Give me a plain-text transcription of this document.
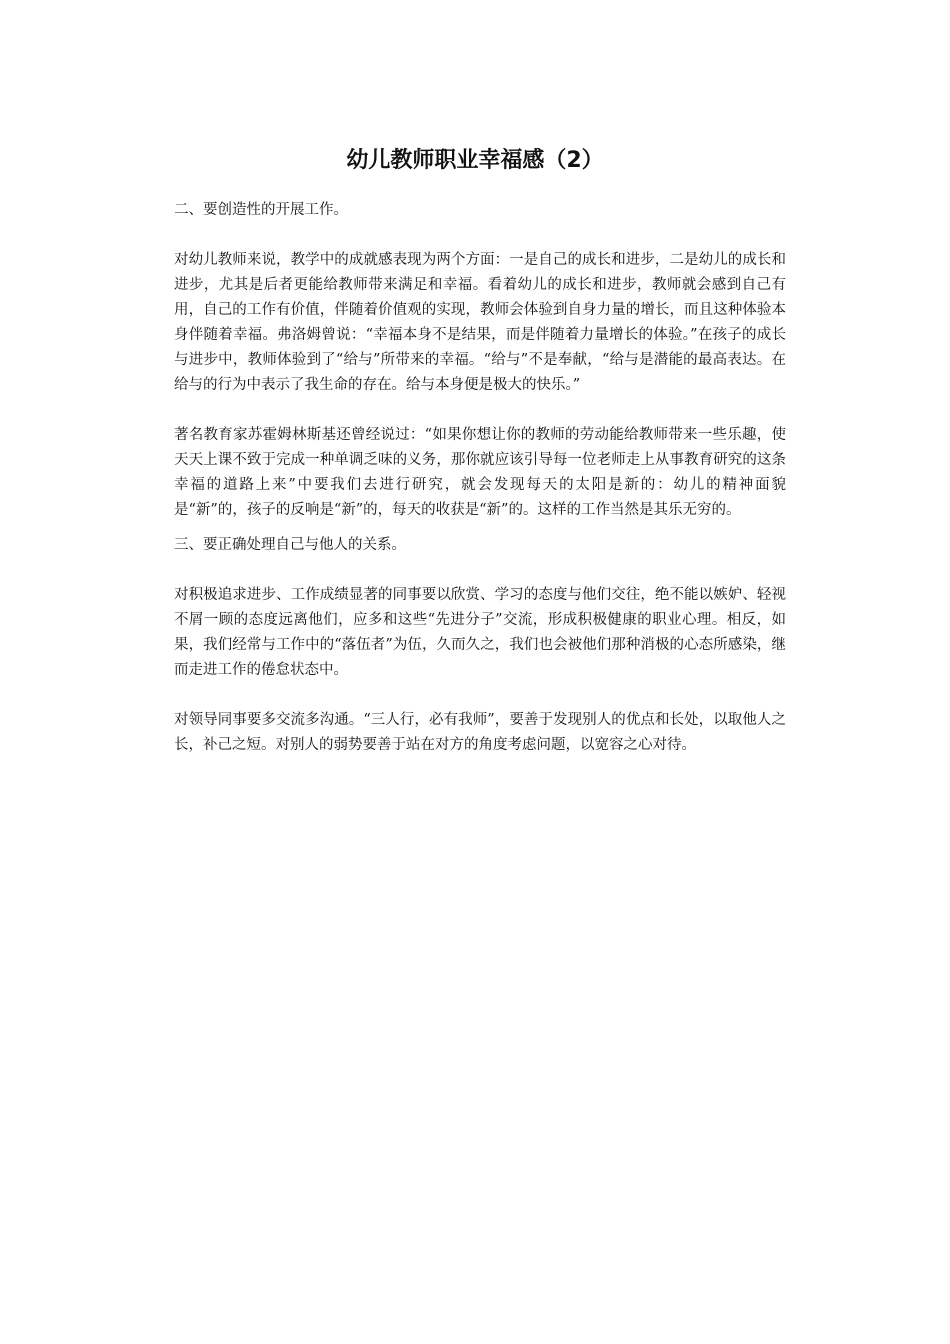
幼儿教师职业幸福感（2）

二、要创造性的开展工作。

对幼儿教师来说，教学中的成就感表现为两个方面：一是自己的成长和进步，二是幼儿的成长和进步，尤其是后者更能给教师带来满足和幸福。看着幼儿的成长和进步，教师就会感到自己有用，自己的工作有价值，伴随着价值观的实现，教师会体验到自身力量的增长，而且这种体验本身伴随着幸福。弗洛姆曾说：“幸福本身不是结果，而是伴随着力量增长的体验。”在孩子的成长与进步中，教师体验到了“给与”所带来的幸福。“给与”不是奉献，“给与是潜能的最高表达。在给与的行为中表示了我生命的存在。给与本身便是极大的快乐。”

著名教育家苏霍姆林斯基还曾经说过：“如果你想让你的教师的劳动能给教师带来一些乐趣，使天天上课不致于完成一种单调乏味的义务，那你就应该引导每一位老师走上从事教育研究的这条幸福的道路上来”中要我们去进行研究，就会发现每天的太阳是新的：幼儿的精神面貌是“新”的，孩子的反响是“新”的，每天的收获是“新”的。这样的工作当然是其乐无穷的。

三、要正确处理自己与他人的关系。

对积极追求进步、工作成绩显著的同事要以欣赏、学习的态度与他们交往，绝不能以嫉妒、轻视不屑一顾的态度远离他们，应多和这些“先进分子”交流，形成积极健康的职业心理。相反，如果，我们经常与工作中的“落伍者”为伍，久而久之，我们也会被他们那种消极的心态所感染，继而走进工作的倦怠状态中。

对领导同事要多交流多沟通。“三人行，必有我师”，要善于发现别人的优点和长处，以取他人之长，补己之短。对别人的弱势要善于站在对方的角度考虑问题，以宽容之心对待。
